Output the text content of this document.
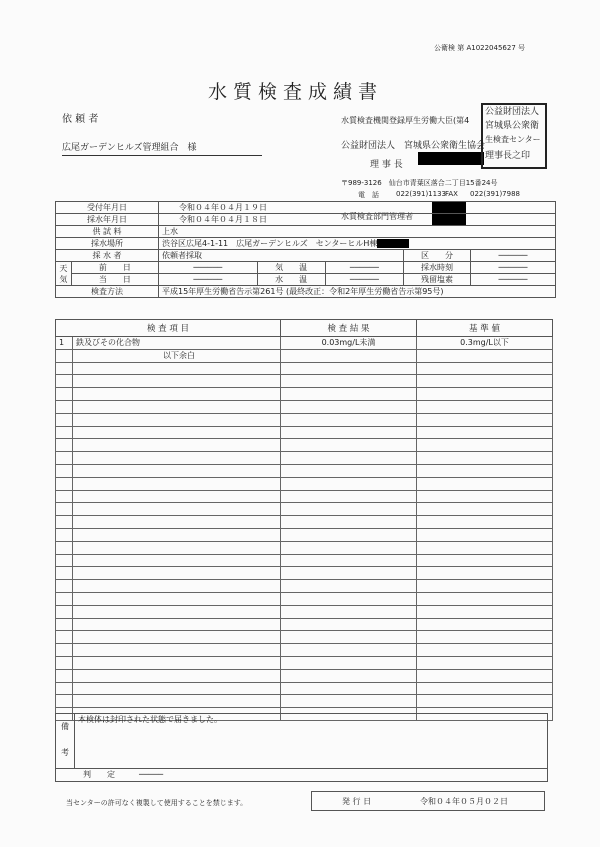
公衛検 第 A1022045627 号
水質検査成績書
依 頼 者
広尾ガーデンヒルズ管理組合　様
水質検査機関登録厚生労働大臣(第4
公益財団法人　宮城県公衆衛生協会
理 事 長
〒989-3126　仙台市青葉区落合二丁目15番24号
電　話 022(391)1133 FAX 022(391)7988
水質検査部門管理者
公益財団法人
宮城県公衆衛
生検査センター
理事長之印
受付年月日		令和０４年０４月１９日				
採水年月日		令和０４年０４月１８日				
供 試 料		上水				
採水場所		渋谷区広尾4-1-11　広尾ガーデンヒルズ　センターヒルH棟				
採 水 者		依頼者採取			区　　分	──────
天気	前　　日	──────	気　　温	──────	採水時刻	──────
	当　　日	──────	水　　温	──────	残留塩素	──────
検査方法		平成15年厚生労働省告示第261号 (最終改正：令和2年厚生労働省告示第95号)				
検 査 項 目		検 査 結 果	基 準 値
1	鉄及びその化合物	0.03mg/L未満	0.3mg/L以下
	以下余白		

備
考	本検体は封印された状態で届きました。
判　　定	─────
当センターの許可なく複製して使用することを禁じます。	発 行 日	令和０４年０５月０２日
